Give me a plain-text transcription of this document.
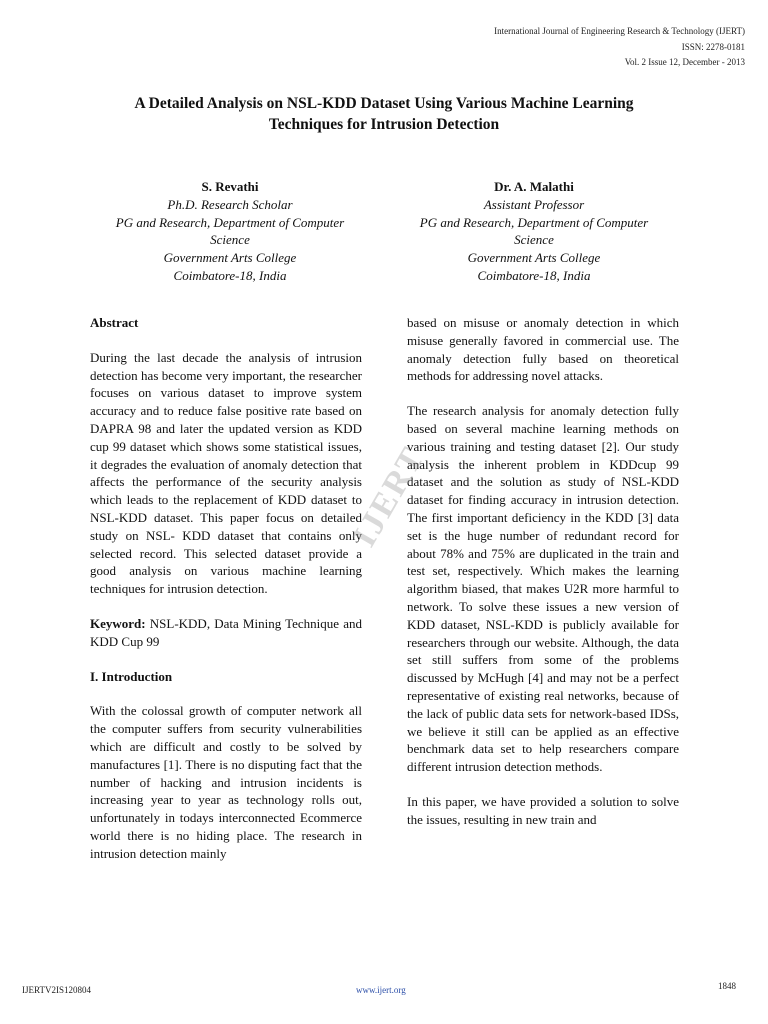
International Journal of Engineering Research & Technology (IJERT)
ISSN: 2278-0181
Vol. 2 Issue 12, December - 2013
A Detailed Analysis on NSL-KDD Dataset Using Various Machine Learning
Techniques for Intrusion Detection
S. Revathi
Ph.D. Research Scholar
PG and Research, Department of Computer
Science
Government Arts College
Coimbatore-18, India
Dr. A. Malathi
Assistant Professor
PG and Research, Department of Computer
Science
Government Arts College
Coimbatore-18, India
Abstract

During the last decade the analysis of intrusion detection has become very important, the researcher focuses on various dataset to improve system accuracy and to reduce false positive rate based on DAPRA 98 and later the updated version as KDD cup 99 dataset which shows some statistical issues, it degrades the evaluation of anomaly detection that affects the performance of the security analysis which leads to the replacement of KDD dataset to NSL-KDD dataset. This paper focus on detailed study on NSL- KDD dataset that contains only selected record. This selected dataset provide a good analysis on various machine learning techniques for intrusion detection.

Keyword: NSL-KDD, Data Mining Technique and KDD Cup 99

I. Introduction

With the colossal growth of computer network all the computer suffers from security vulnerabilities which are difficult and costly to be solved by manufactures [1]. There is no disputing fact that the number of hacking and intrusion incidents is increasing year to year as technology rolls out, unfortunately in todays interconnected Ecommerce world there is no hiding place. The research in intrusion detection mainly

based on misuse or anomaly detection in which misuse generally favored in commercial use. The anomaly detection fully based on theoretical methods for addressing novel attacks.

The research analysis for anomaly detection fully based on several machine learning methods on various training and testing dataset [2]. Our study analysis the inherent problem in KDDcup 99 dataset and the solution as study of NSL-KDD dataset for finding accuracy in intrusion detection. The first important deficiency in the KDD [3] data set is the huge number of redundant record for about 78% and 75% are duplicated in the train and test set, respectively. Which makes the learning algorithm biased, that makes U2R more harmful to network. To solve these issues a new version of KDD dataset, NSL-KDD is publicly available for researchers through our website. Although, the data set still suffers from some of the problems discussed by McHugh [4] and may not be a perfect representative of existing real networks, because of the lack of public data sets for network-based IDSs, we believe it still can be applied as an effective benchmark data set to help researchers compare different intrusion detection methods.

In this paper, we have provided a solution to solve the issues, resulting in new train and

IJERT
IJERTV2IS120804	www.ijert.org	1848
